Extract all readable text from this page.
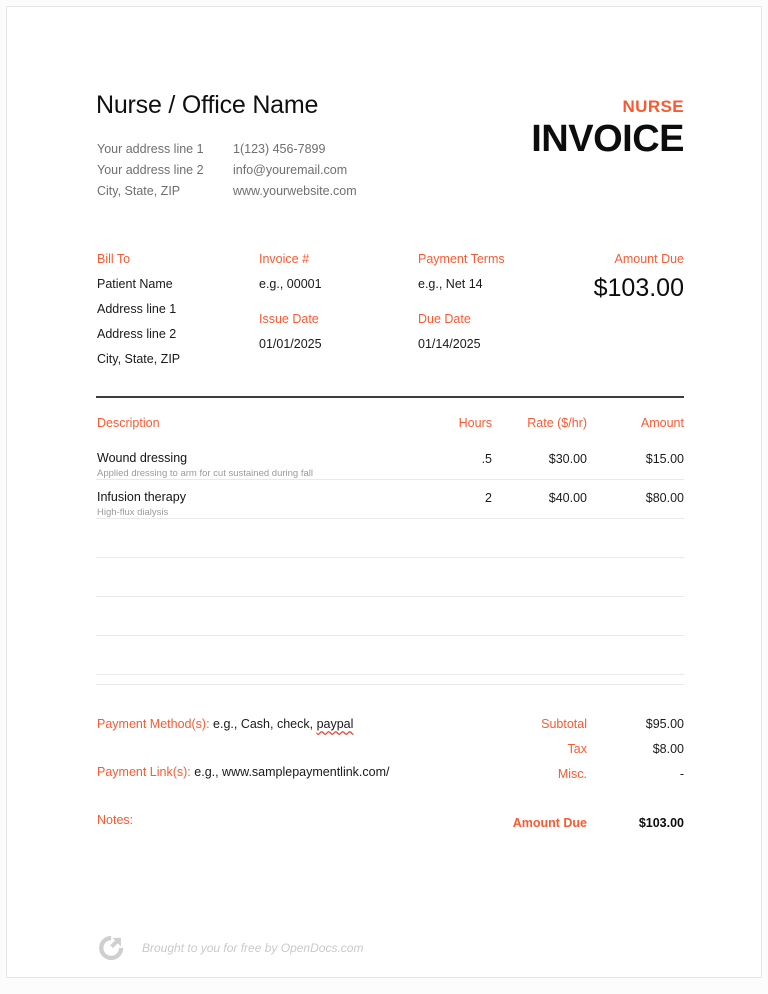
Nurse / Office Name
Your address line 1	1(123) 456-7899
Your address line 2	info@youremail.com
City, State, ZIP	www.yourwebsite.com
NURSE
INVOICE
Bill To
Patient Name
Address line 1
Address line 2
City, State, ZIP
Invoice #
e.g., 00001
Issue Date
01/01/2025
Payment Terms
e.g., Net 14
Due Date
01/14/2025
Amount Due
$103.00
Description	Hours	Rate ($/hr)	Amount
Wound dressing
Applied dressing to arm for cut sustained during fall
.5	$30.00	$15.00
Infusion therapy
High-flux dialysis
2	$40.00	$80.00
Payment Method(s): e.g., Cash, check, paypal
Payment Link(s): e.g., www.samplepaymentlink.com/
Notes:
Subtotal	$95.00
Tax	$8.00
Misc.	-
Amount Due	$103.00
Brought to you for free by OpenDocs.com
